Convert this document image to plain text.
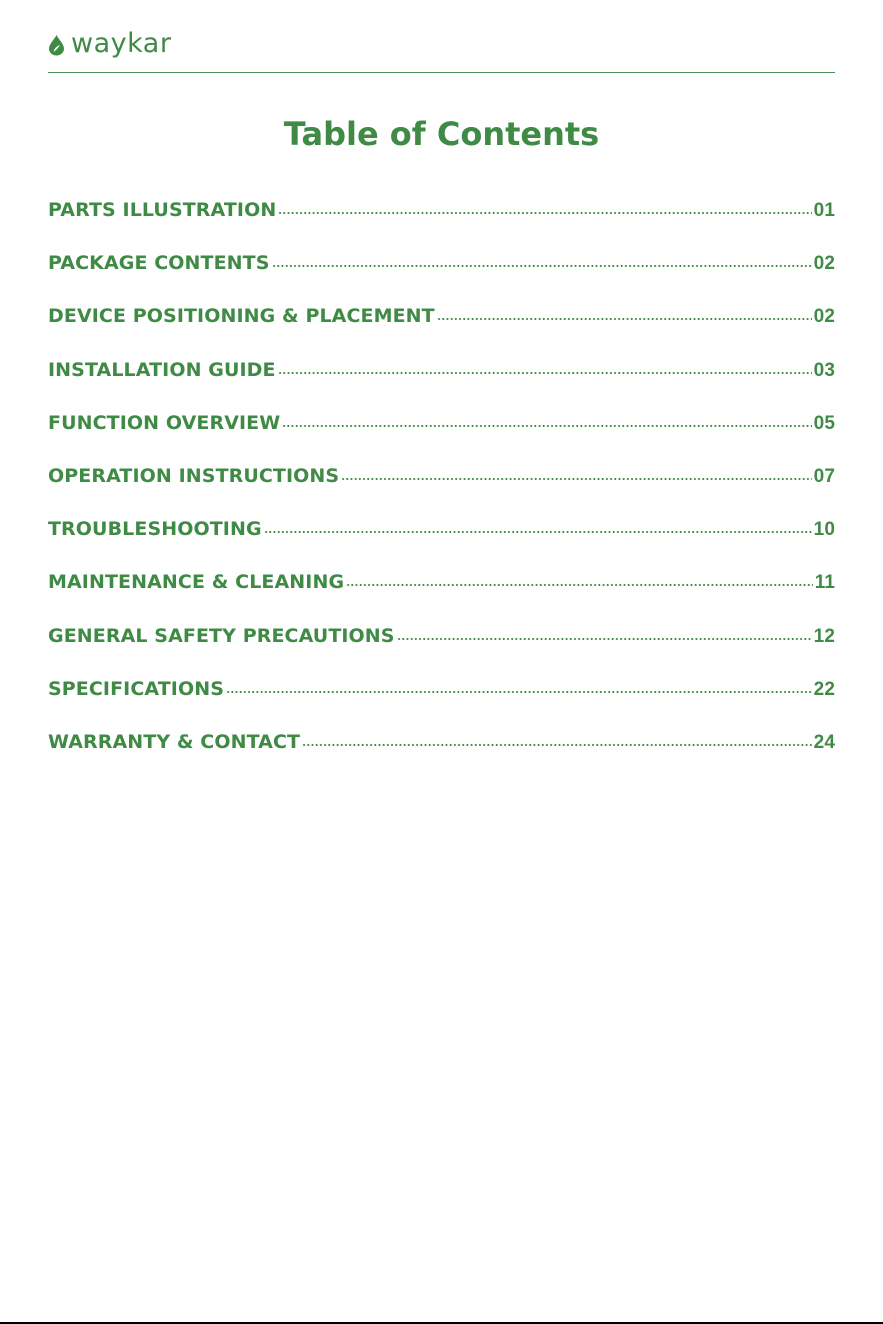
waykar
Table of Contents
PARTS ILLUSTRATION	01
PACKAGE CONTENTS	02
DEVICE POSITIONING & PLACEMENT	02
INSTALLATION GUIDE	03
FUNCTION OVERVIEW	05
OPERATION INSTRUCTIONS	07
TROUBLESHOOTING	10
MAINTENANCE & CLEANING	11
GENERAL SAFETY PRECAUTIONS	12
SPECIFICATIONS	22
WARRANTY & CONTACT	24
